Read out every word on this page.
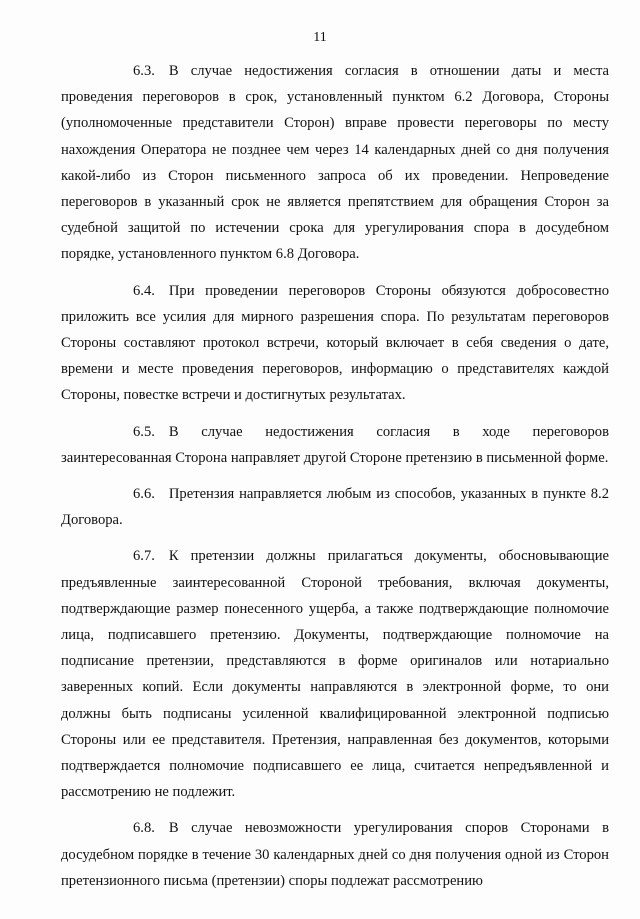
11

6.3. В случае недостижения согласия в отношении даты и места проведения переговоров в срок, установленный пунктом 6.2 Договора, Стороны (уполномоченные представители Сторон) вправе провести переговоры по месту нахождения Оператора не позднее чем через 14 календарных дней со дня получения какой-либо из Сторон письменного запроса об их проведении. Непроведение переговоров в указанный срок не является препятствием для обращения Сторон за судебной защитой по истечении срока для урегулирования спора в досудебном порядке, установленного пунктом 6.8 Договора.

6.4. При проведении переговоров Стороны обязуются добросовестно приложить все усилия для мирного разрешения спора. По результатам переговоров Стороны составляют протокол встречи, который включает в себя сведения о дате, времени и месте проведения переговоров, информацию о представителях каждой Стороны, повестке встречи и достигнутых результатах.

6.5. В случае недостижения согласия в ходе переговоров заинтересованная Сторона направляет другой Стороне претензию в письменной форме.

6.6. Претензия направляется любым из способов, указанных в пункте 8.2 Договора.

6.7. К претензии должны прилагаться документы, обосновывающие предъявленные заинтересованной Стороной требования, включая документы, подтверждающие размер понесенного ущерба, а также подтверждающие полномочие лица, подписавшего претензию. Документы, подтверждающие полномочие на подписание претензии, представляются в форме оригиналов или нотариально заверенных копий. Если документы направляются в электронной форме, то они должны быть подписаны усиленной квалифицированной электронной подписью Стороны или ее представителя. Претензия, направленная без документов, которыми подтверждается полномочие подписавшего ее лица, считается непредъявленной и рассмотрению не подлежит.

6.8. В случае невозможности урегулирования споров Сторонами в досудебном порядке в течение 30 календарных дней со дня получения одной из Сторон претензионного письма (претензии) споры подлежат рассмотрению
